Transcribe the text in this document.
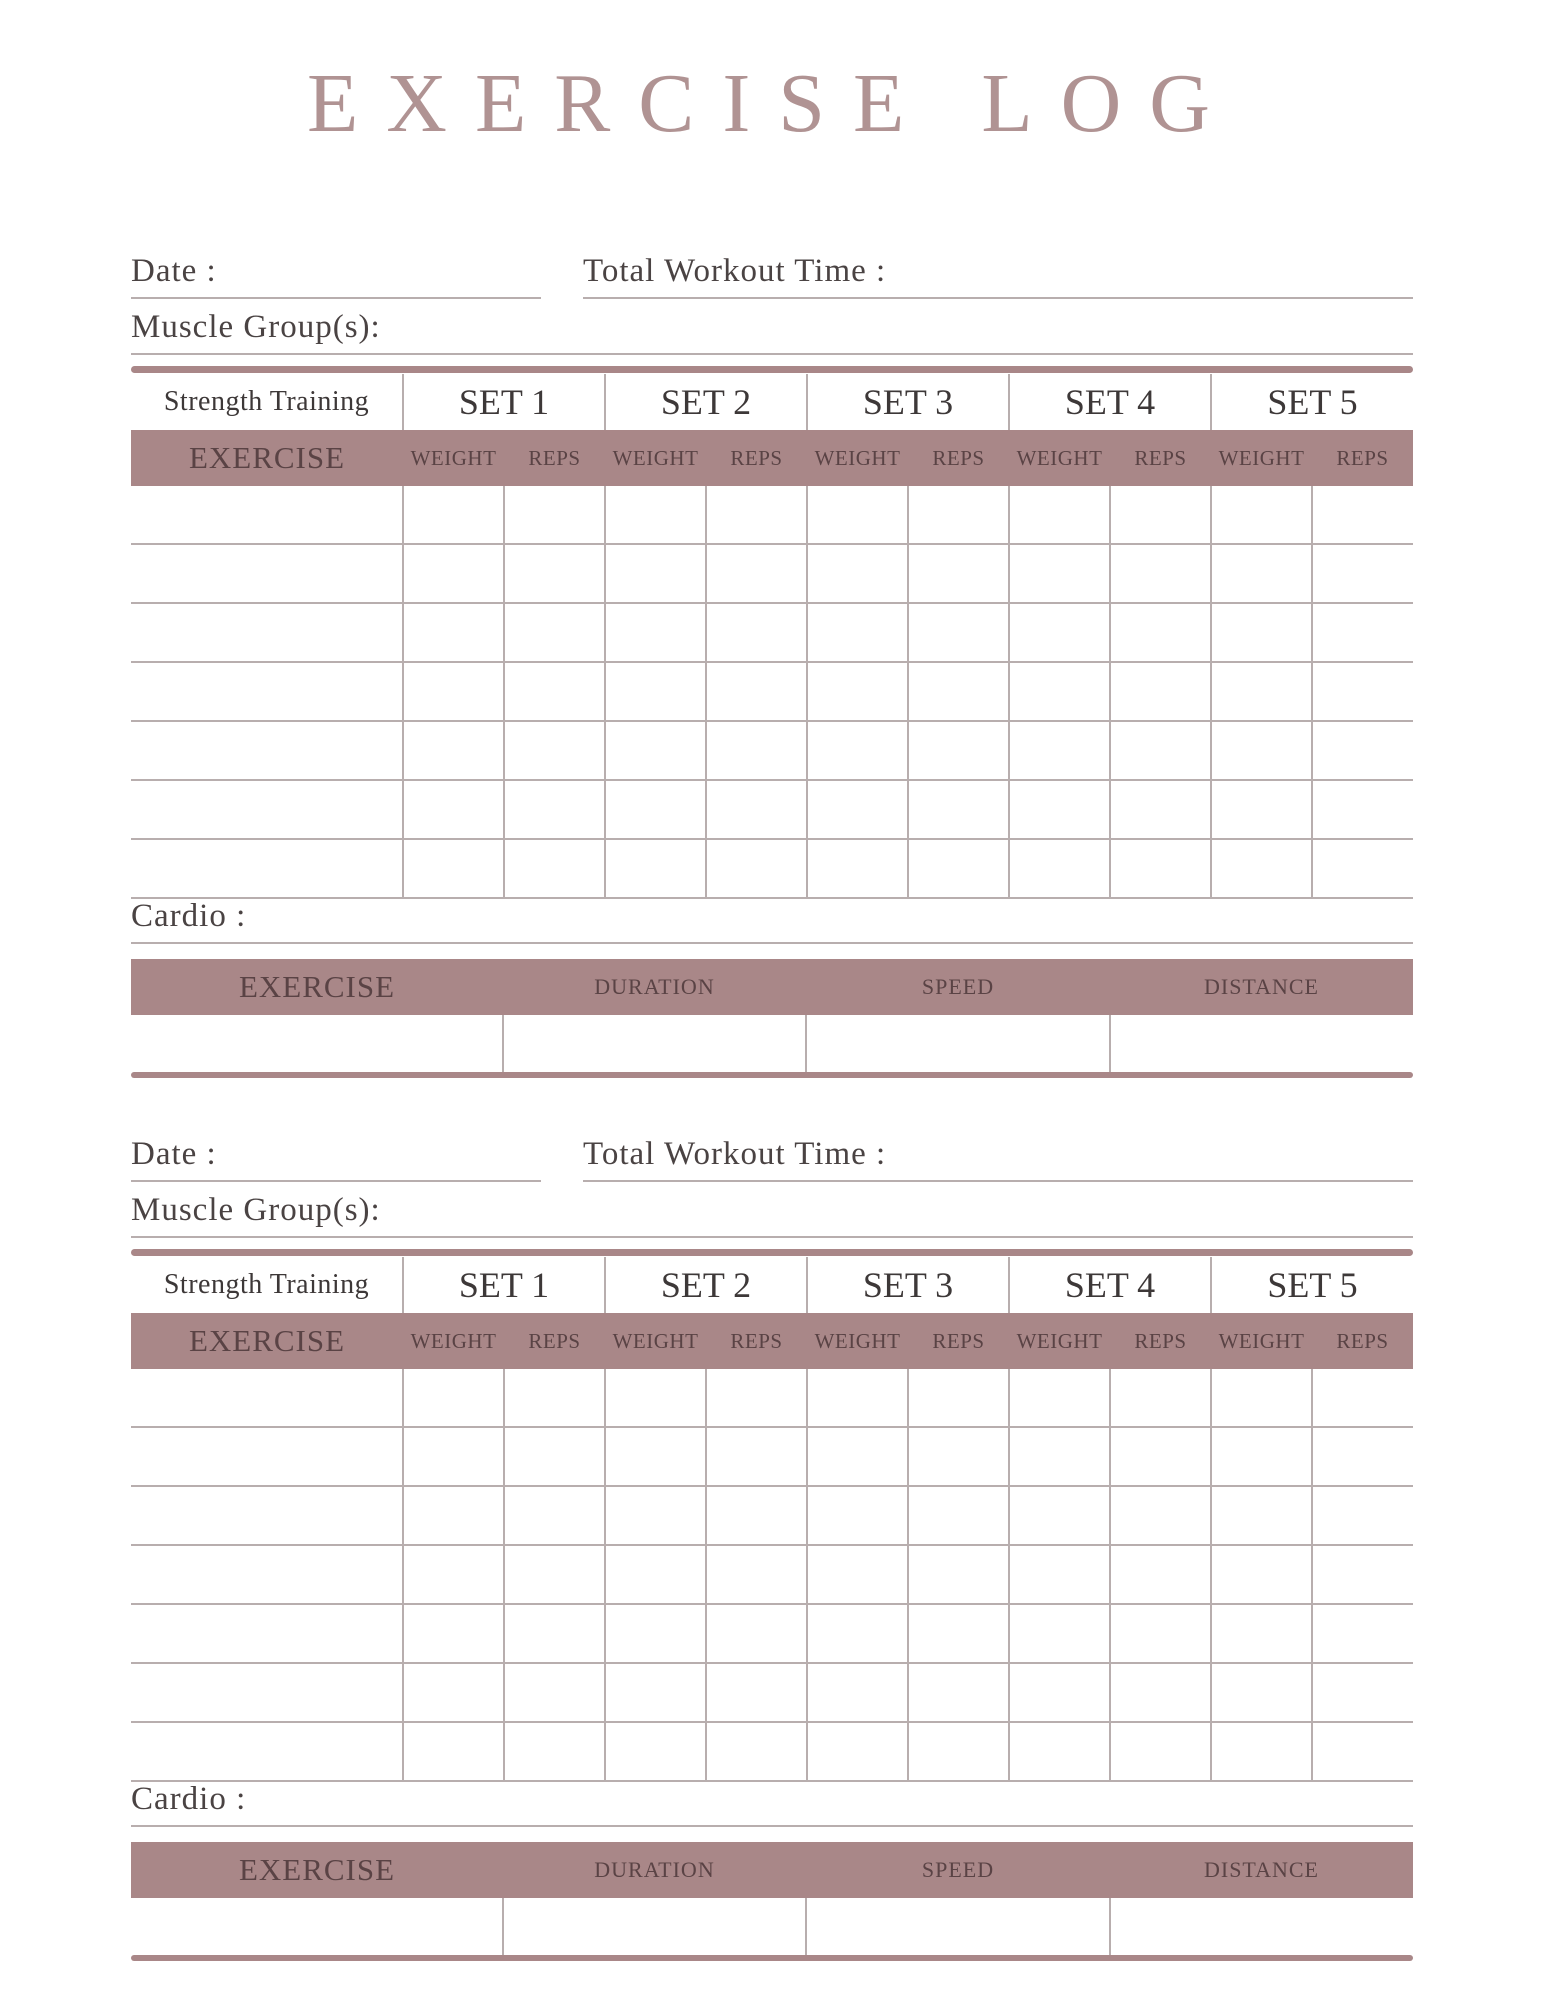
EXERCISE LOG
Date :	Total Workout Time :
Muscle Group(s):
Strength Training	SET 1	SET 2	SET 3	SET 4	SET 5
EXERCISE	WEIGHT	REPS	WEIGHT	REPS	WEIGHT	REPS	WEIGHT	REPS	WEIGHT	REPS

Cardio :
EXERCISE	DURATION	SPEED	DISTANCE

Date :	Total Workout Time :
Muscle Group(s):
Strength Training	SET 1	SET 2	SET 3	SET 4	SET 5
EXERCISE	WEIGHT	REPS	WEIGHT	REPS	WEIGHT	REPS	WEIGHT	REPS	WEIGHT	REPS

Cardio :
EXERCISE	DURATION	SPEED	DISTANCE
